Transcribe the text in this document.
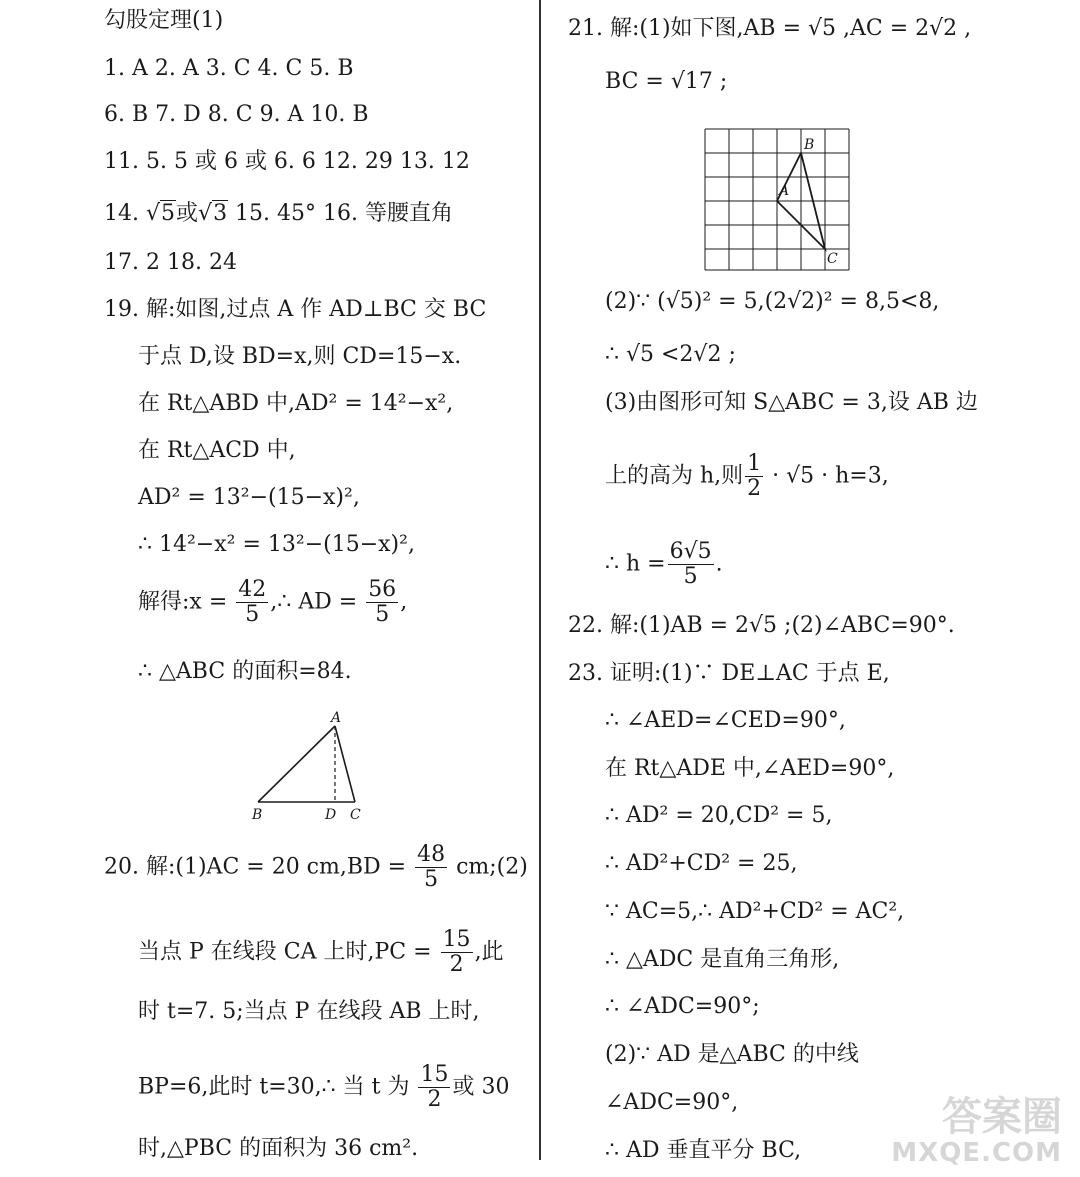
勾股定理(1)
1. A 2. A 3. C 4. C 5. B
6. B 7. D 8. C 9. A 10. B
11. 5. 5 或 6 或 6. 6 12. 29 13. 12
14. √5或√3 15. 45° 16. 等腰直角
17. 2 18. 24
19. 解:如图,过点 A 作 AD⊥BC 交 BC
于点 D,设 BD=x,则 CD=15−x.
在 Rt△ABD 中,AD² = 14²−x²,
在 Rt△ACD 中,
AD² = 13²−(15−x)²,
∴ 14²−x² = 13²−(15−x)²,
解得:x = $\frac{42}{5}$ ,∴ AD = $\frac{56}{5}$ ,
∴ △ABC 的面积=84.
A
B	D C
20. 解:(1)AC = 20 $cm,BD = \frac{48}{5}$ cm;(2)
当点 P 在线段 CA 上时$,PC = \frac{15}{2}$ ,此
时 t=7. 5;当点 P 在线段 AB 上时,
BP=6,此时 t=30,∴ 当 t 为 $\frac{15}{2}$ 或 30
时,△PBC 的面积为 36 cm².
21. 解:(1)如下图,AB = √5 ,AC = 2√2 ,
BC = √17 ;
A
B
C
(2)∵ (√5)² = 5,(2√2)² = 8,5<8,
∴ √5 <2√2 ;
(3)由图形可知 S△ABC = 3,设 AB 边
上的高为 h,则 $\frac{1}{2} \cdot √5 \cdot h=3$,
∴ $h = \frac{6√5}{5}$ .
22. 解:(1)AB = 2√5 ;(2)∠ABC=90°.
23. 证明:(1)∵ DE⊥AC 于点 E,
∴ ∠AED=∠CED=90°,
在 Rt△ADE 中,∠AED=90°,
∴ AD² = 20,CD² = 5,
∴ AD²+CD² = 25,
∵ AC=5,∴ AD²+CD² = AC²,
∴ △ADC 是直角三角形,
∴ ∠ADC=90°;
(2)∵ AD 是△ABC 的中线
∠ADC=90°,
∴ AD 垂直平分 BC,
答案圈
MXQE.COM
